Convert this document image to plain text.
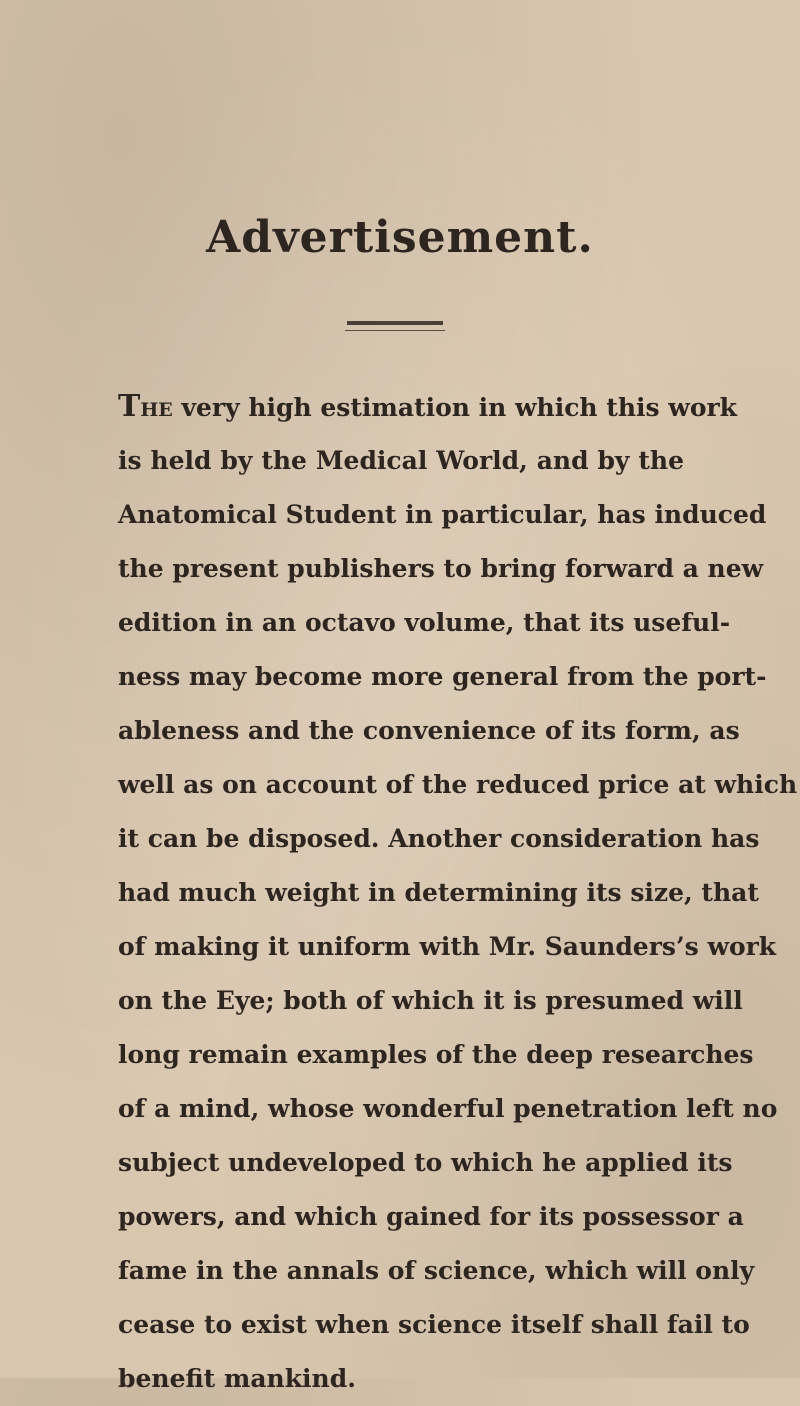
Advertisement.
THE very high estimation in which this work
is held by the Medical World, and by the
Anatomical Student in particular, has induced
the present publishers to bring forward a new
edition in an octavo volume, that its useful-
ness may become more general from the port-
ableness and the convenience of its form, as
well as on account of the reduced price at which
it can be disposed. Another consideration has
had much weight in determining its size, that
of making it uniform with Mr. Saunders’s work
on the Eye; both of which it is presumed will
long remain examples of the deep researches
of a mind, whose wonderful penetration left no
subject undeveloped to which he applied its
powers, and which gained for its possessor a
fame in the annals of science, which will only
cease to exist when science itself shall fail to
benefit mankind.
